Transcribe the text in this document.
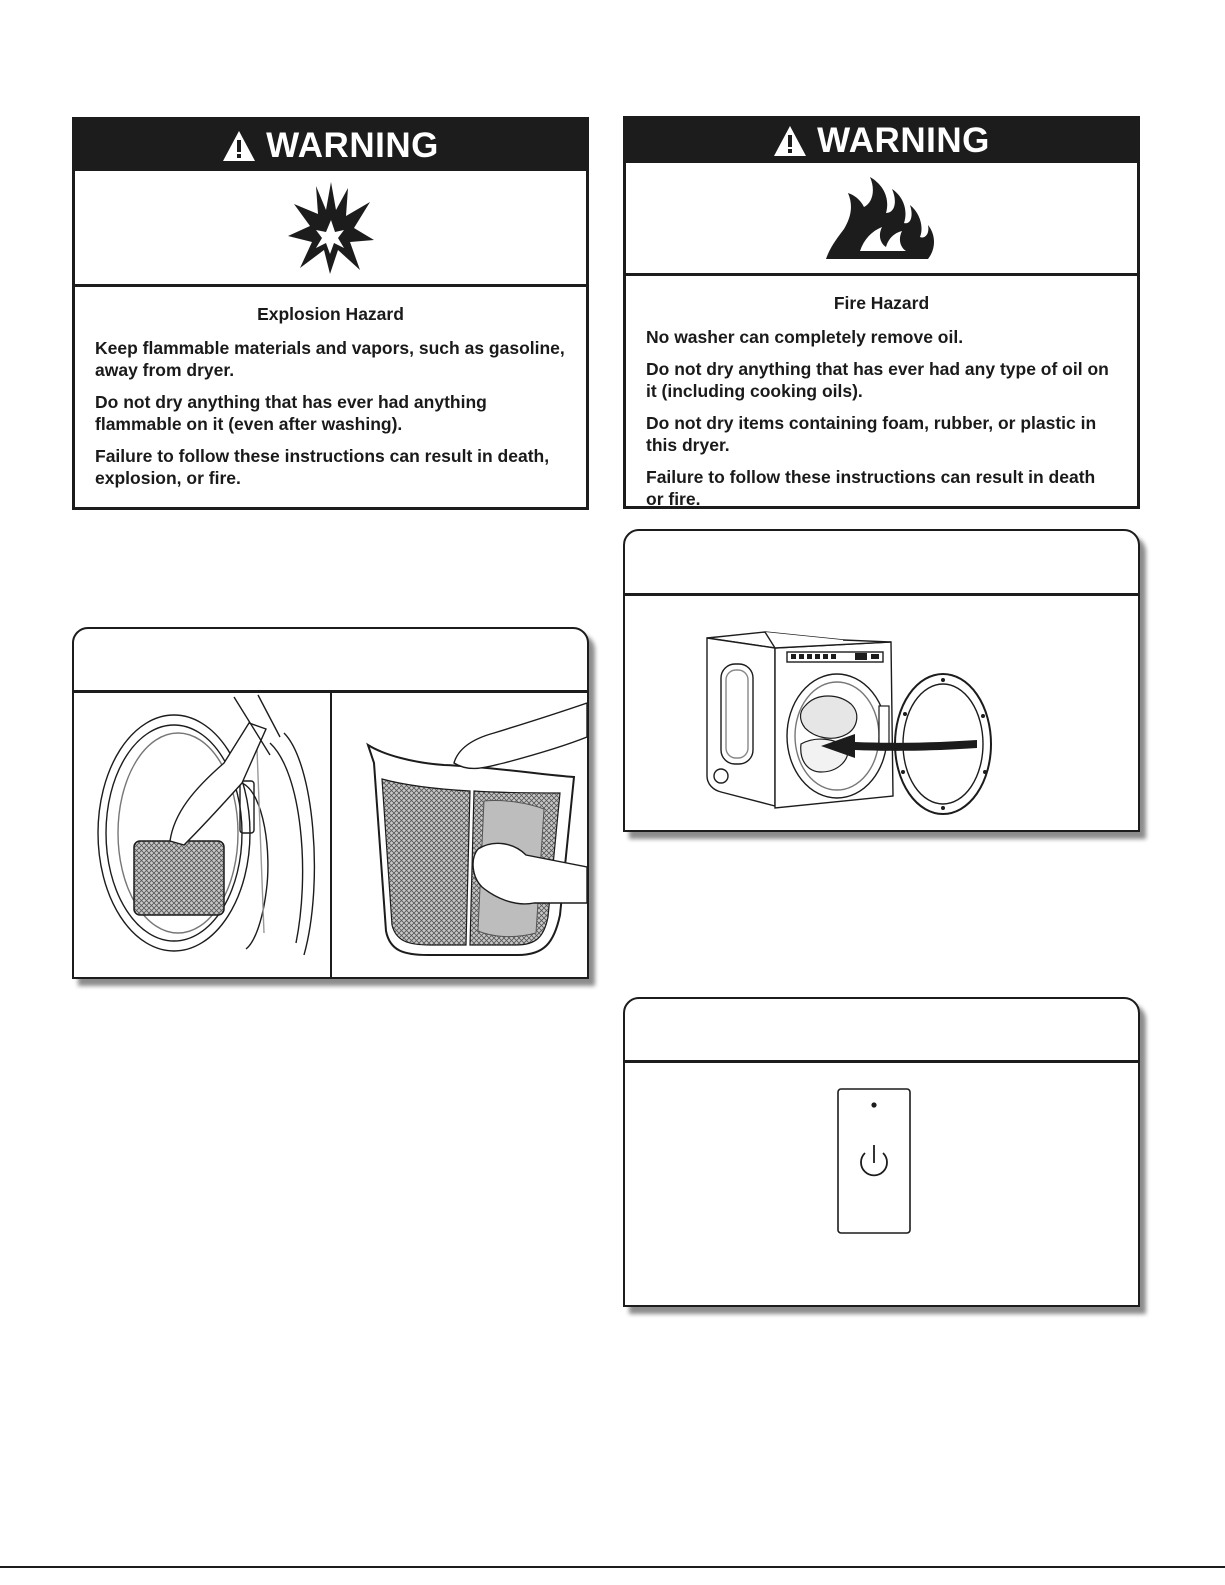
WARNING

Explosion Hazard

Keep flammable materials and vapors, such as gasoline, away from dryer.

Do not dry anything that has ever had anything flammable on it (even after washing).

Failure to follow these instructions can result in death, explosion, or fire.

WARNING

Fire Hazard

No washer can completely remove oil.

Do not dry anything that has ever had any type of oil on it (including cooking oils).

Do not dry items containing foam, rubber, or plastic in this dryer.

Failure to follow these instructions can result in death or fire.
